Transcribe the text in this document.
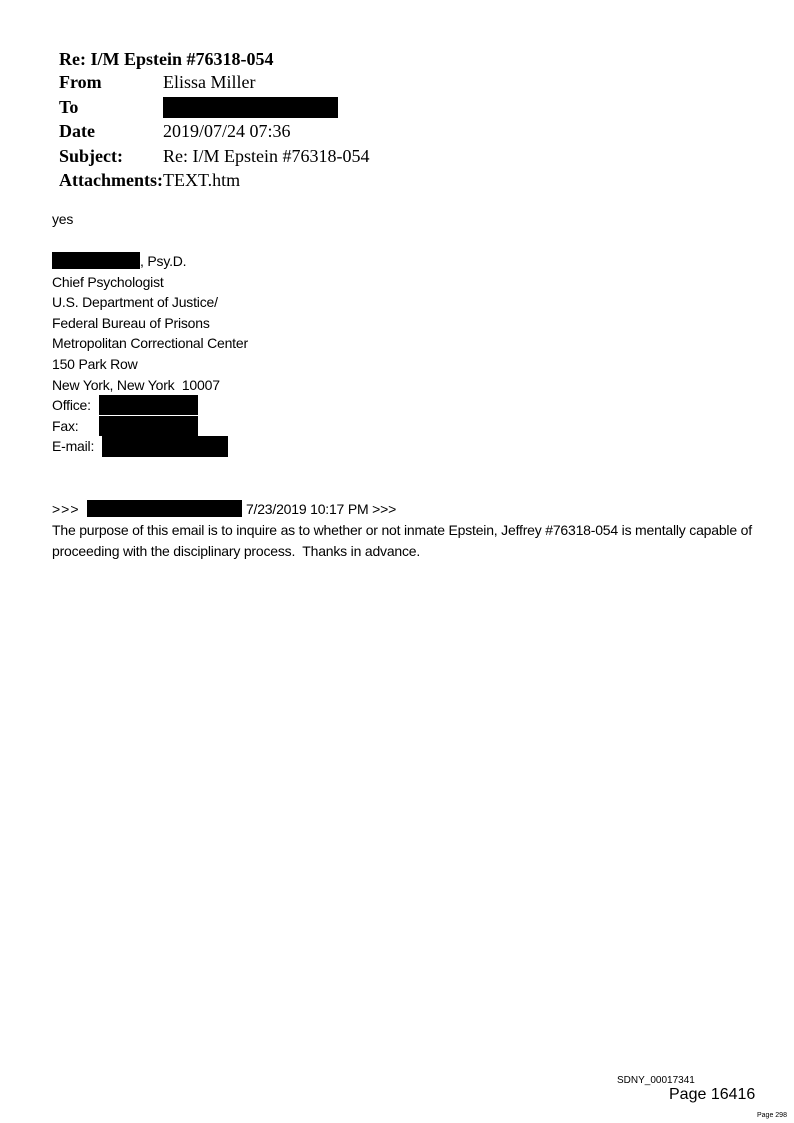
Re: I/M Epstein #76318-054
From	Elissa Miller
To
Date	2019/07/24 07:36
Subject: Re: I/M Epstein #76318-054
Attachments: TEXT.htm
yes
, Psy.D.
Chief Psychologist
U.S. Department of Justice/
Federal Bureau of Prisons
Metropolitan Correctional Center
150 Park Row
New York, New York  10007
Office:
Fax:
E-mail:
>>>	7/23/2019 10:17 PM >>>
The purpose of this email is to inquire as to whether or not inmate Epstein, Jeffrey #76318-054 is mentally capable of proceeding with the disciplinary process.  Thanks in advance.
SDNY_00017341
Page 16416
Page 298
